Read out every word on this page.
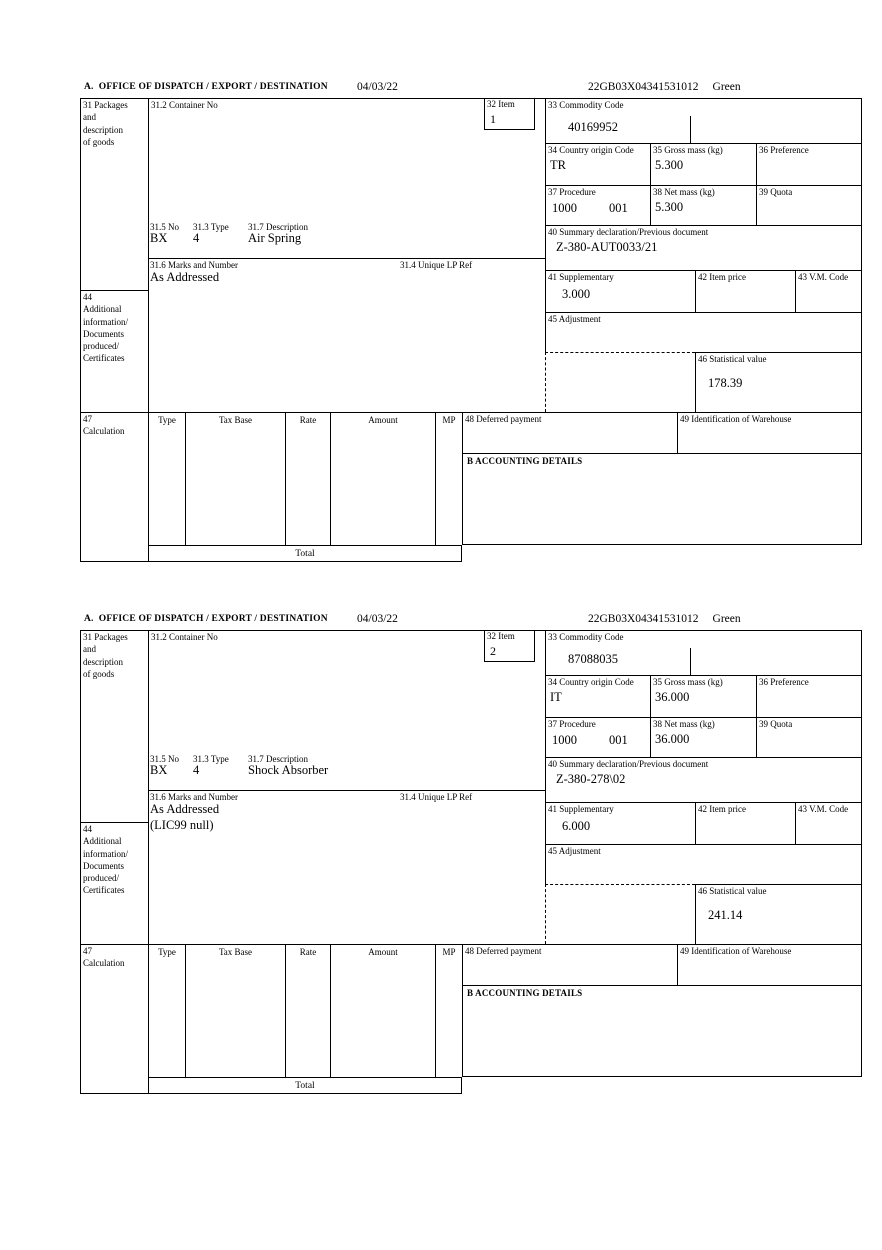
A.  OFFICE OF DISPATCH / EXPORT / DESTINATION	04/03/22	22GB03X04341531012 Green
31 Packages
and
description
of goods
44
Additional
information/
Documents
produced/
Certificates
47
Calculation
31.2 Container No	32 Item
1
31.5 No 31.3 Type 31.7 Description
BX 4	Air Spring
31.6 Marks and Number	31.4 Unique LP Ref
As Addressed
33 Commodity Code
40169952
34 Country origin Code
TR
35 Gross mass (kg)
5.300
36 Preference
37 Procedure
1000	001
38 Net mass (kg)
5.300
39 Quota
40 Summary declaration/Previous document
Z-380-AUT0033/21
41 Supplementary
3.000
42 Item price	43 V.M. Code
45 Adjustment
46 Statistical value
178.39
Type	Tax Base	Rate	Amount	MP
Total
48 Deferred payment	49 Identification of Warehouse
B ACCOUNTING DETAILS
A.  OFFICE OF DISPATCH / EXPORT / DESTINATION	04/03/22	22GB03X04341531012 Green
31 Packages
and
description
of goods
44
Additional
information/
Documents
produced/
Certificates
47
Calculation
31.2 Container No	32 Item
2
31.5 No 31.3 Type 31.7 Description
BX 4	Shock Absorber
31.6 Marks and Number	31.4 Unique LP Ref
As Addressed
(LIC99 null)
33 Commodity Code
87088035
34 Country origin Code
IT
35 Gross mass (kg)
36.000
36 Preference
37 Procedure
1000	001
38 Net mass (kg)
36.000
39 Quota
40 Summary declaration/Previous document
Z-380-278\02
41 Supplementary
6.000
42 Item price	43 V.M. Code
45 Adjustment
46 Statistical value
241.14
Type	Tax Base	Rate	Amount	MP
Total
48 Deferred payment	49 Identification of Warehouse
B ACCOUNTING DETAILS
